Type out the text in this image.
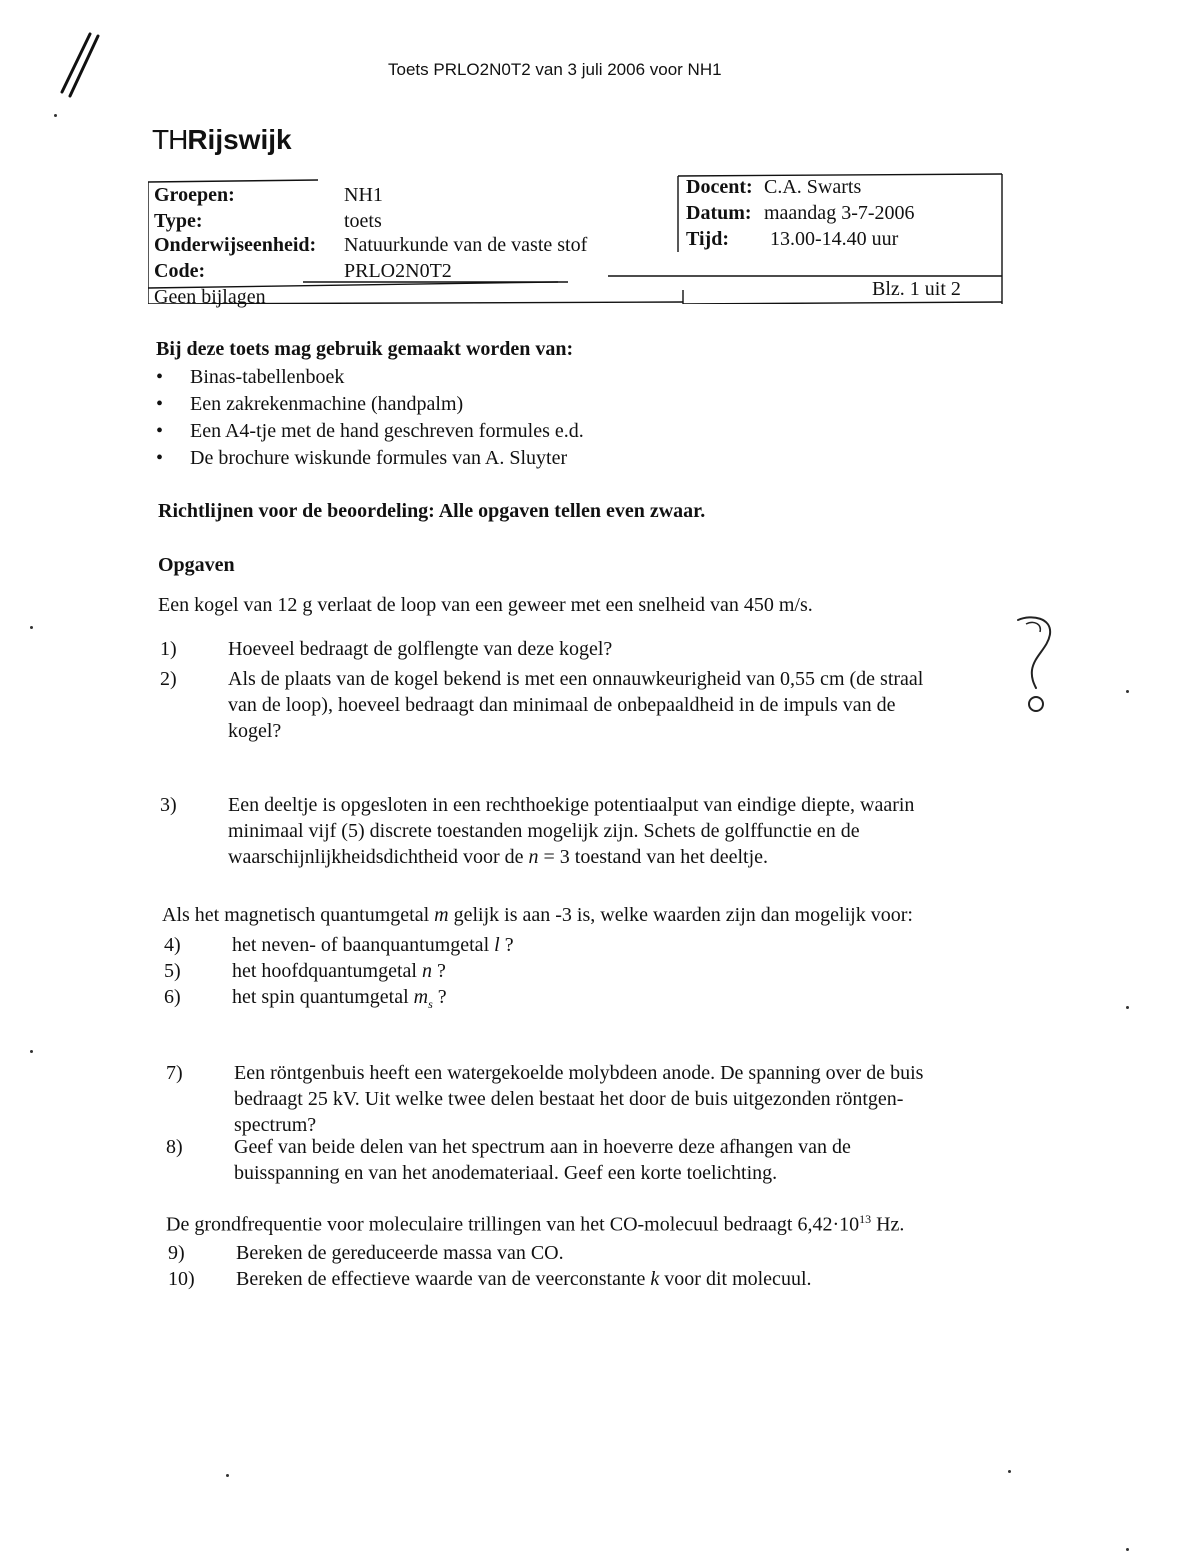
Toets PRLO2N0T2 van 3 juli 2006 voor NH1
THRijswijk
Groepen:	NH1
Type:	toets
Onderwijseenheid: Natuurkunde van de vaste stof
Code:	PRLO2N0T2
Geen bijlagen
Docent: C.A. Swarts
Datum: maandag 3-7-2006
Tijd: 13.00-14.40 uur
Blz. 1 uit 2
Bij deze toets mag gebruik gemaakt worden van:
• Binas-tabellenboek
• Een zakrekenmachine (handpalm)
• Een A4-tje met de hand geschreven formules e.d.
• De brochure wiskunde formules van A. Sluyter
Richtlijnen voor de beoordeling: Alle opgaven tellen even zwaar.
Opgaven
Een kogel van 12 g verlaat de loop van een geweer met een snelheid van 450 m/s.
1)	Hoeveel bedraagt de golflengte van deze kogel?
2)	Als de plaats van de kogel bekend is met een onnauwkeurigheid van 0,55 cm (de straal
van de loop), hoeveel bedraagt dan minimaal de onbepaaldheid in de impuls van de
kogel?
3)	Een deeltje is opgesloten in een rechthoekige potentiaalput van eindige diepte, waarin
minimaal vijf (5) discrete toestanden mogelijk zijn. Schets de golffunctie en de
waarschijnlijkheidsdichtheid voor de n = 3 toestand van het deeltje.
Als het magnetisch quantumgetal m gelijk is aan -3 is, welke waarden zijn dan mogelijk voor:
4)	het neven- of baanquantumgetal l ?
5)	het hoofdquantumgetal n ?
6)	het spin quantumgetal $m_s$ ?
7)	Een röntgenbuis heeft een watergekoelde molybdeen anode. De spanning over de buis
bedraagt 25 kV. Uit welke twee delen bestaat het door de buis uitgezonden röntgen-
spectrum?
8)	Geef van beide delen van het spectrum aan in hoeverre deze afhangen van de
buisspanning en van het anodemateriaal. Geef een korte toelichting.
De grondfrequentie voor moleculaire trillingen van het CO-molecuul bedraagt $6,42\cdot 10^{13}$ Hz.
9)	Bereken de gereduceerde massa van CO.
10) Bereken de effectieve waarde van de veerconstante k voor dit molecuul.
